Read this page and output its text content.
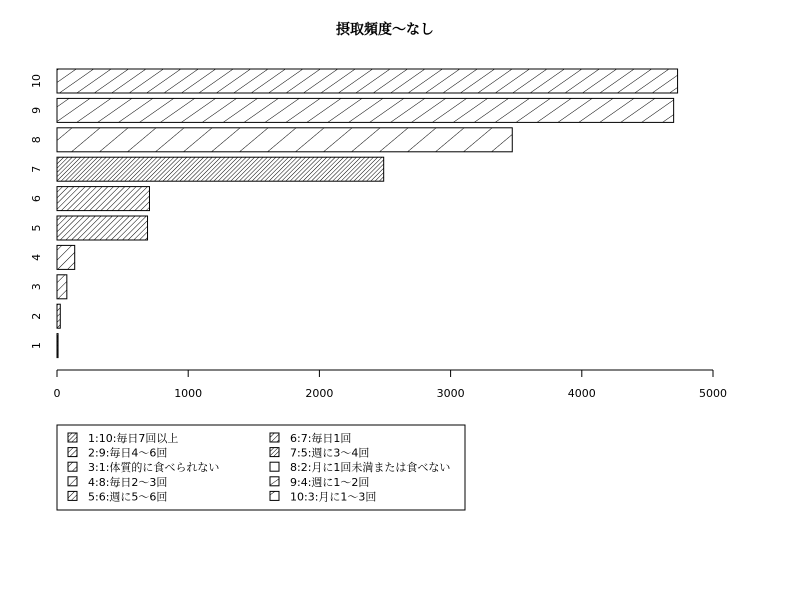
摂取頻度〜なし
1
2
3
4
5
6
7
8
9
10
0	1000	2000	3000	4000	5000
1:10:毎日7回以上
2:9:毎日4〜6回
3:1:体質的に食べられない
4:8:毎日2〜3回
5:6:週に5〜6回
6:7:毎日1回
7:5:週に3〜4回
8:2:月に1回未満または食べない
9:4:週に1〜2回
10:3:月に1〜3回
